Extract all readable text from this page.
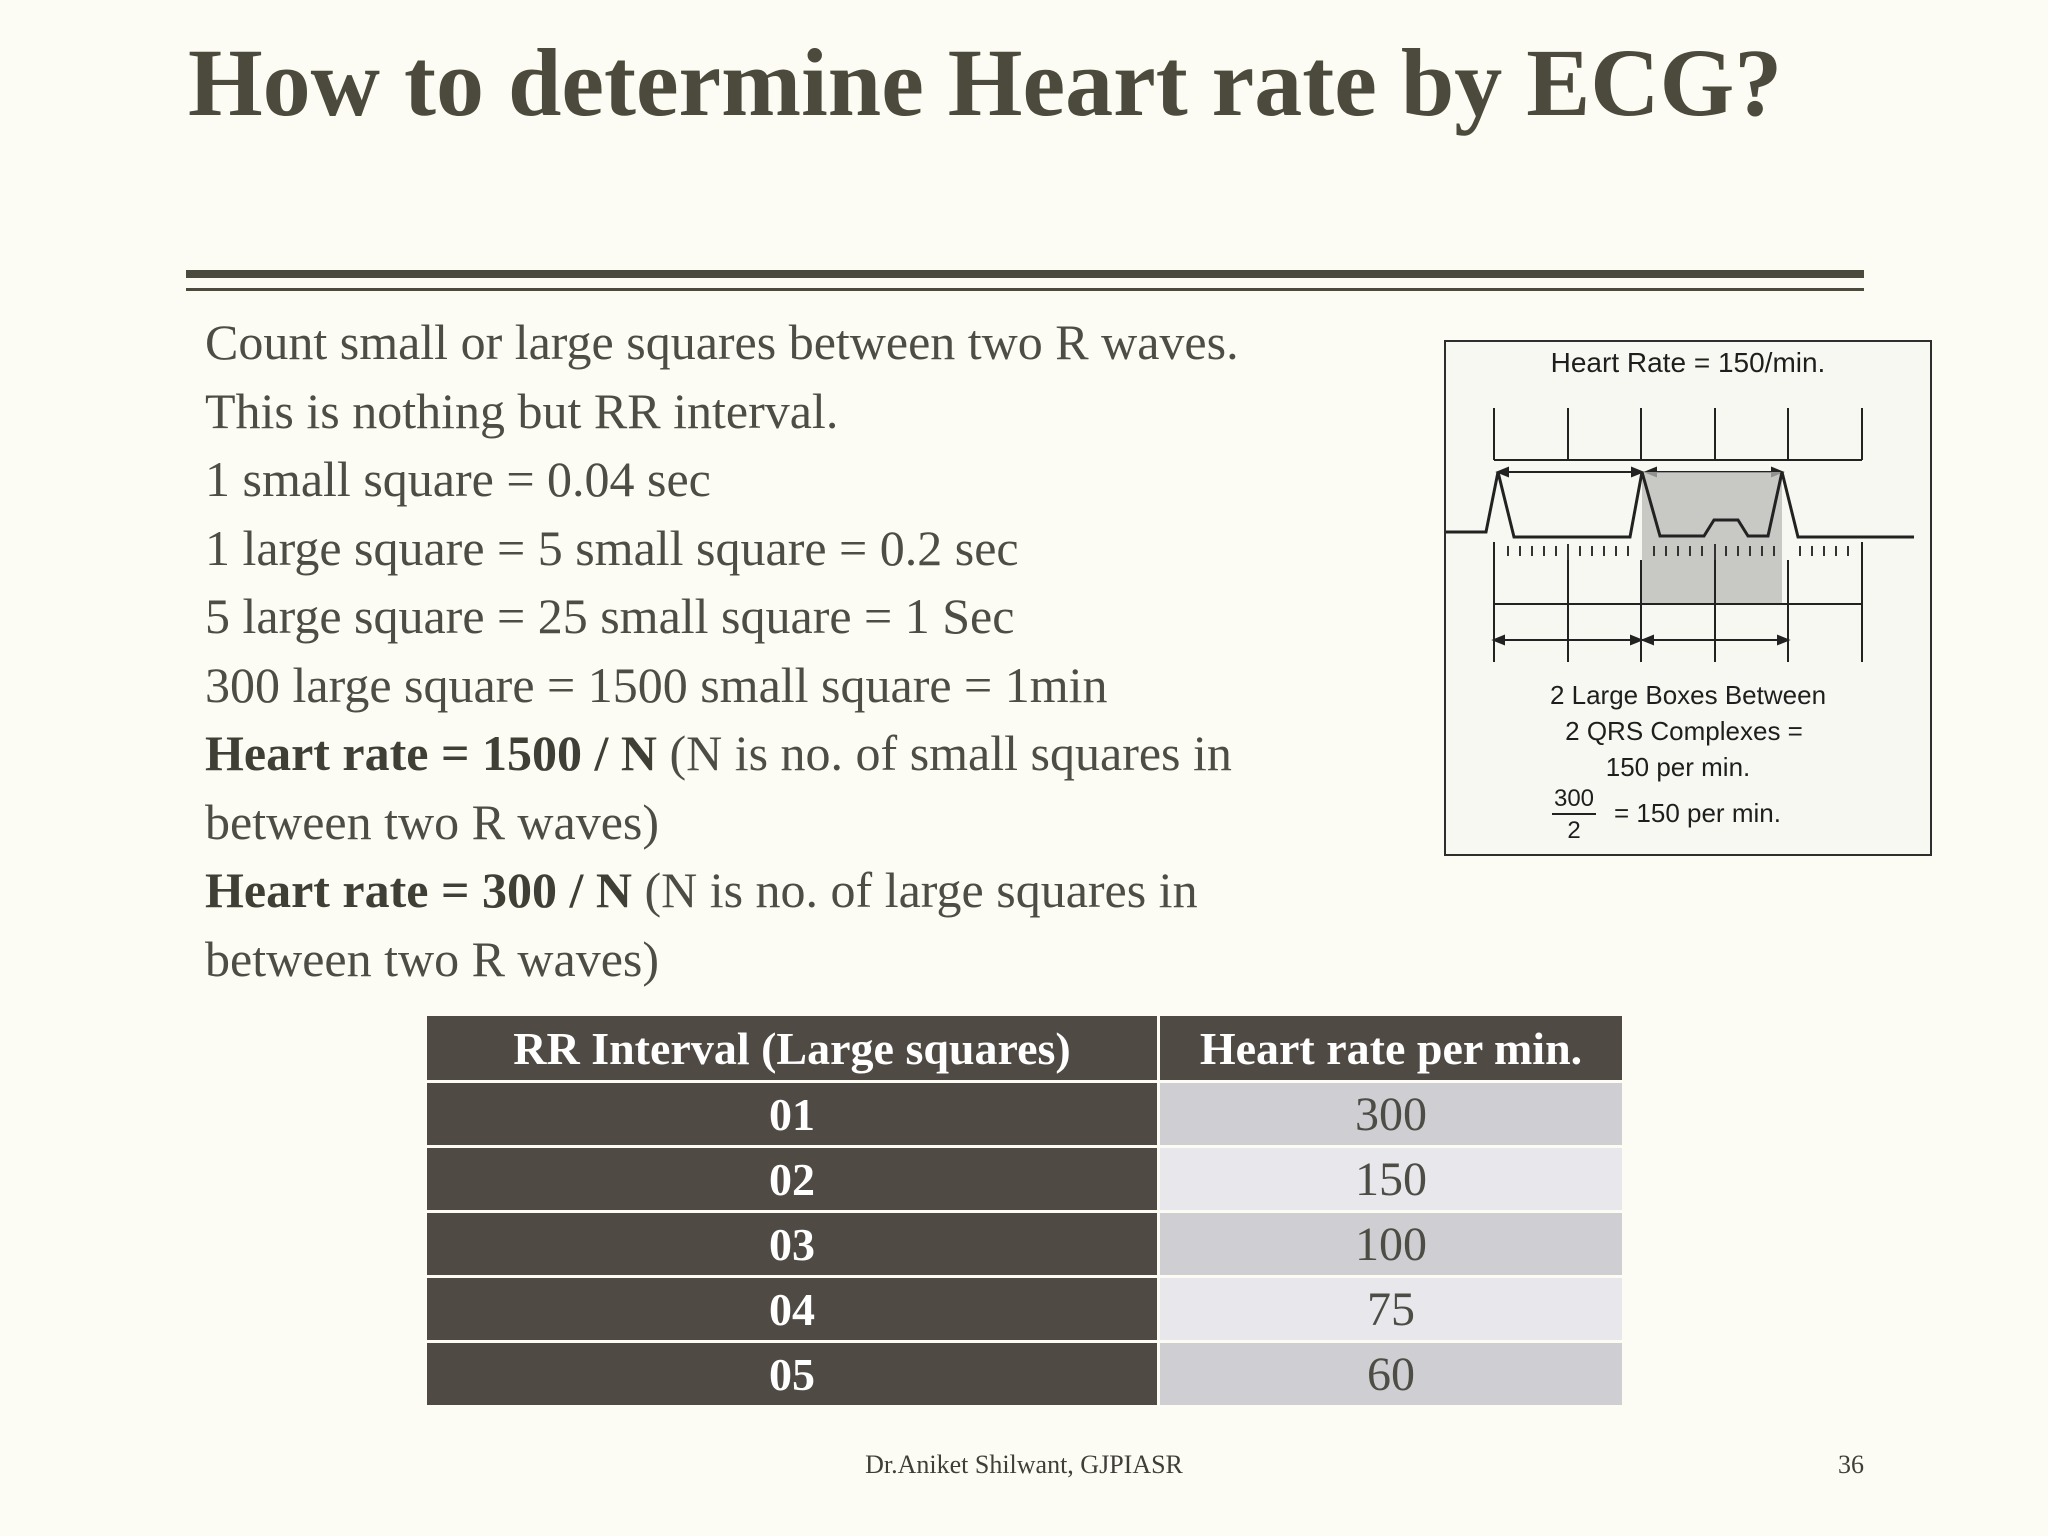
How to determine Heart rate by ECG?
Count small or large squares between two R waves.
This is nothing but RR interval.
1 small square = 0.04 sec
1 large square = 5 small square = 0.2 sec
5 large square = 25 small square = 1 Sec
300 large square = 1500 small square = 1min
Heart rate = 1500 / N (N is no. of small squares in
between two R waves)
Heart rate = 300 / N (N is no. of large squares in
between two R waves)
Heart Rate = 150/min.
2 Large Boxes Between
2 QRS Complexes =
150 per min.
300
2
= 150 per min.
RR Interval (Large squares)	Heart rate per min.
01	300
02	150
03	100
04	75
05	60
Dr.Aniket Shilwant, GJPIASR	36
